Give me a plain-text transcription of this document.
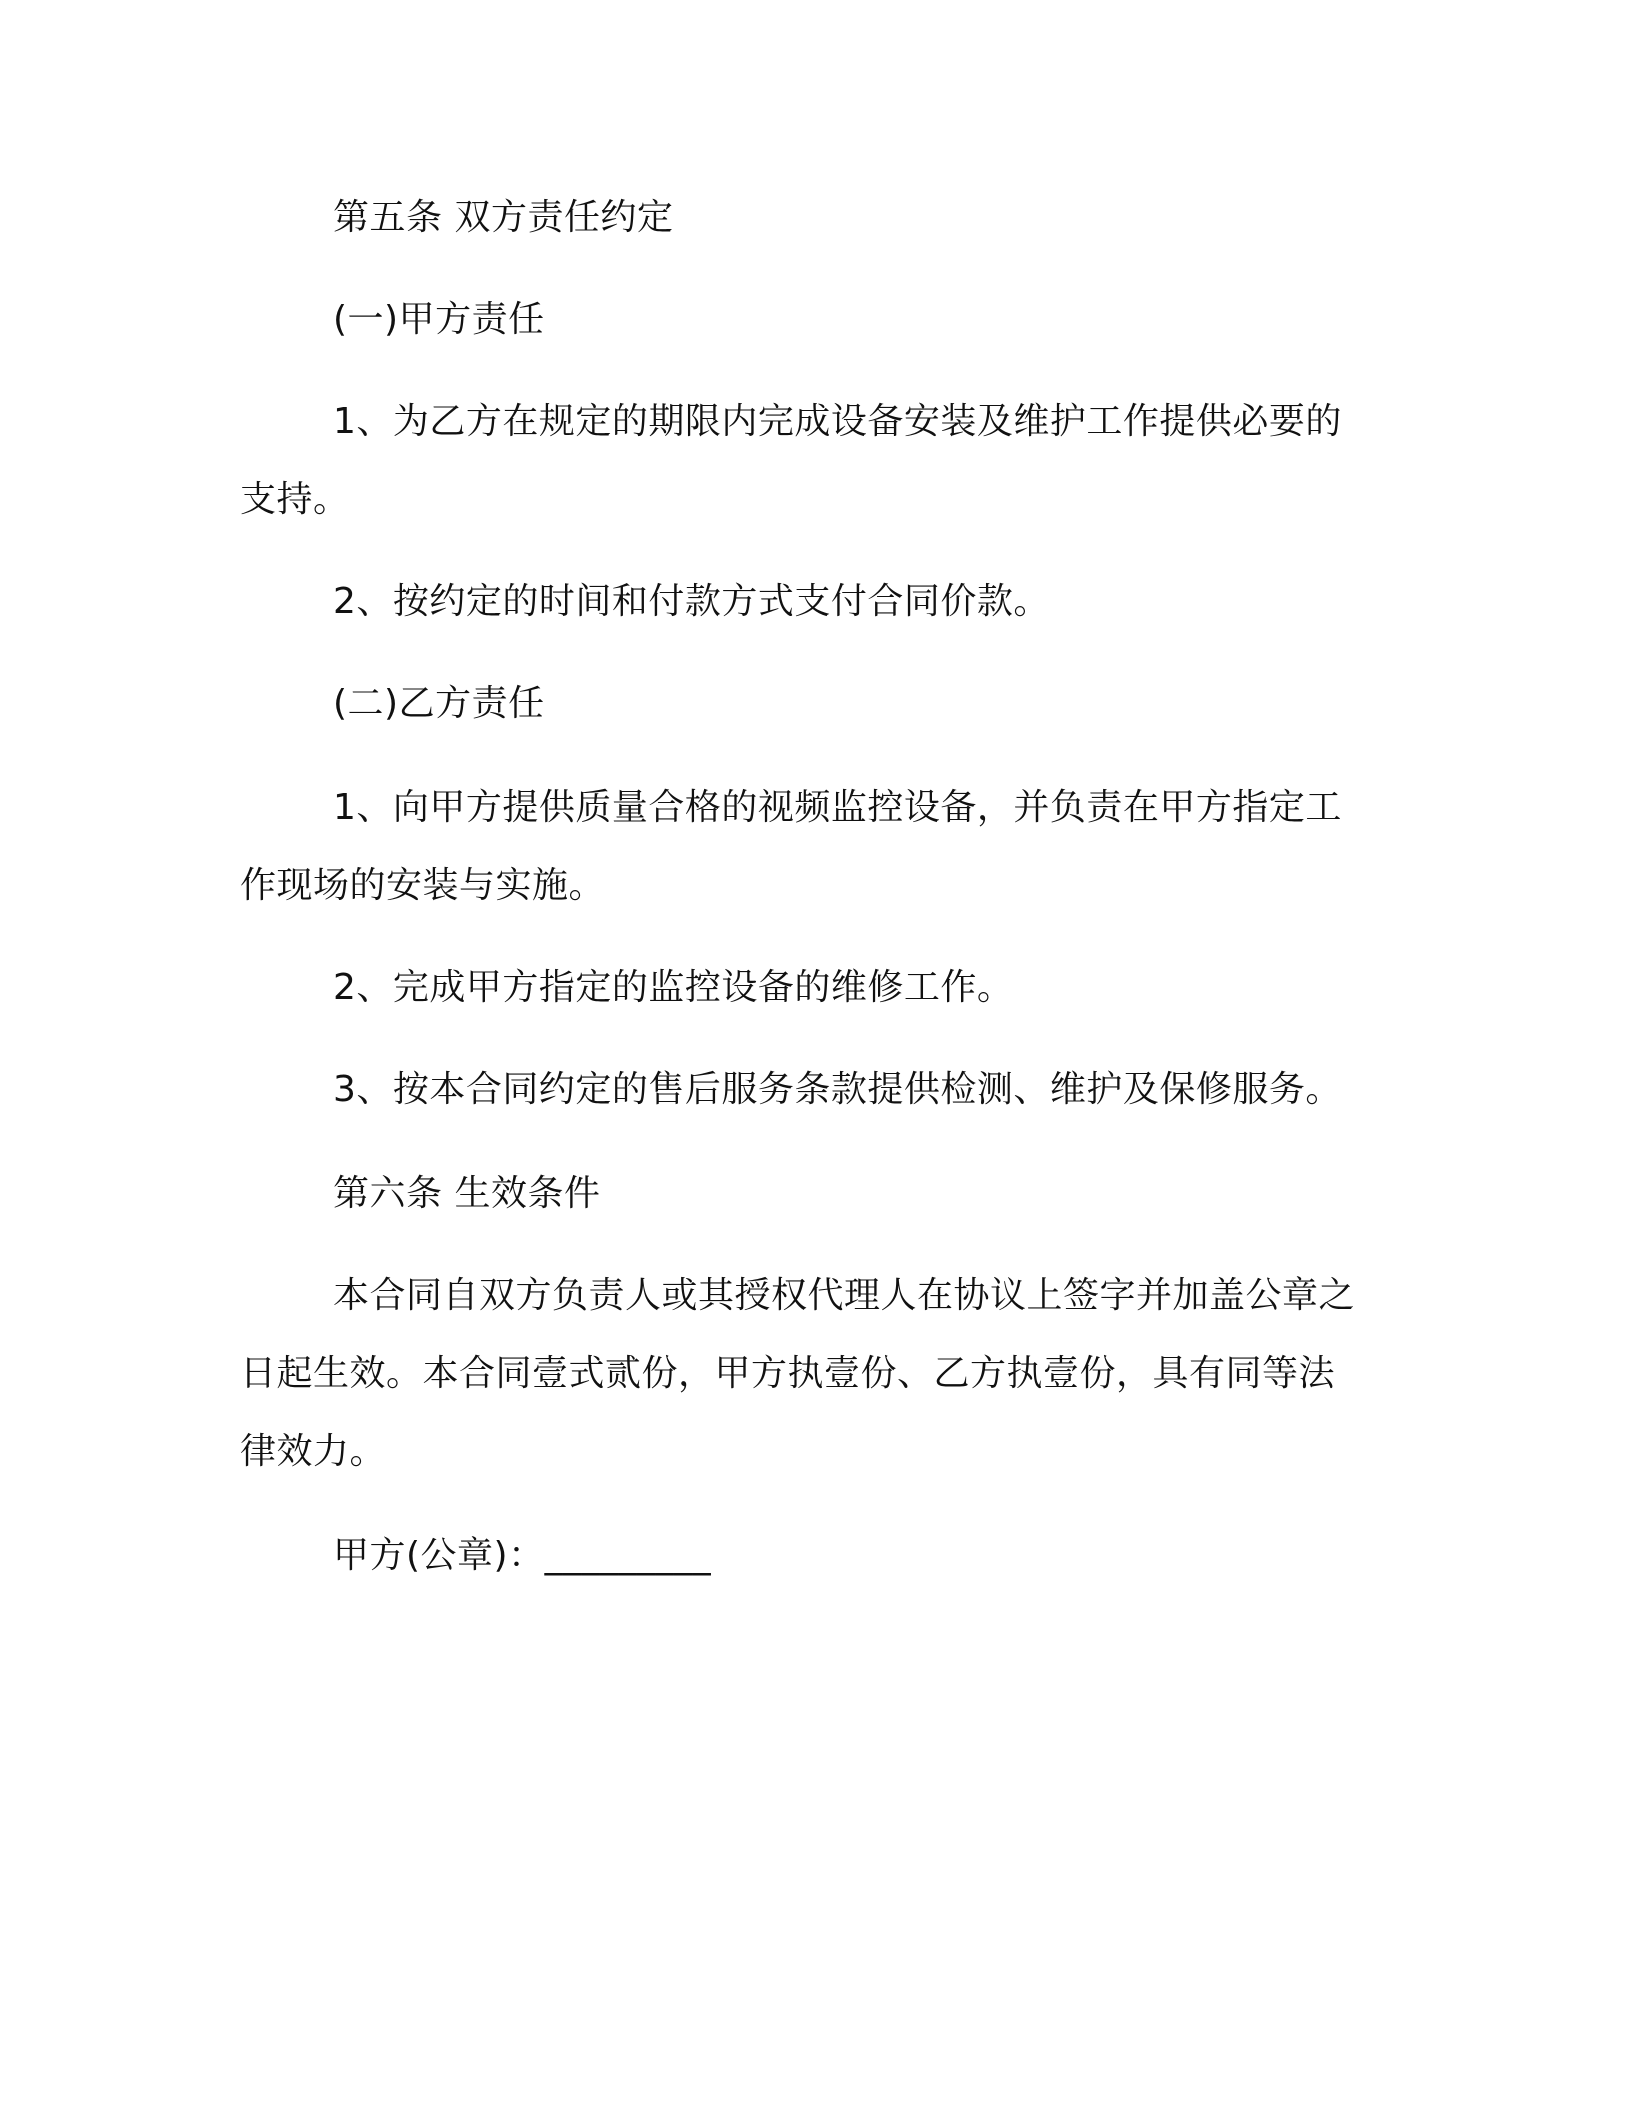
第五条 双方责任约定
(一)甲方责任
1、为乙方在规定的期限内完成设备安装及维护工作提供必要的
支持。
2、按约定的时间和付款方式支付合同价款。
(二)乙方责任
1、向甲方提供质量合格的视频监控设备，并负责在甲方指定工
作现场的安装与实施。
2、完成甲方指定的监控设备的维修工作。
3、按本合同约定的售后服务条款提供检测、维护及保修服务。
第六条 生效条件
本合同自双方负责人或其授权代理人在协议上签字并加盖公章之
日起生效。本合同壹式贰份，甲方执壹份、乙方执壹份，具有同等法
律效力。
甲方(公章)：_________
